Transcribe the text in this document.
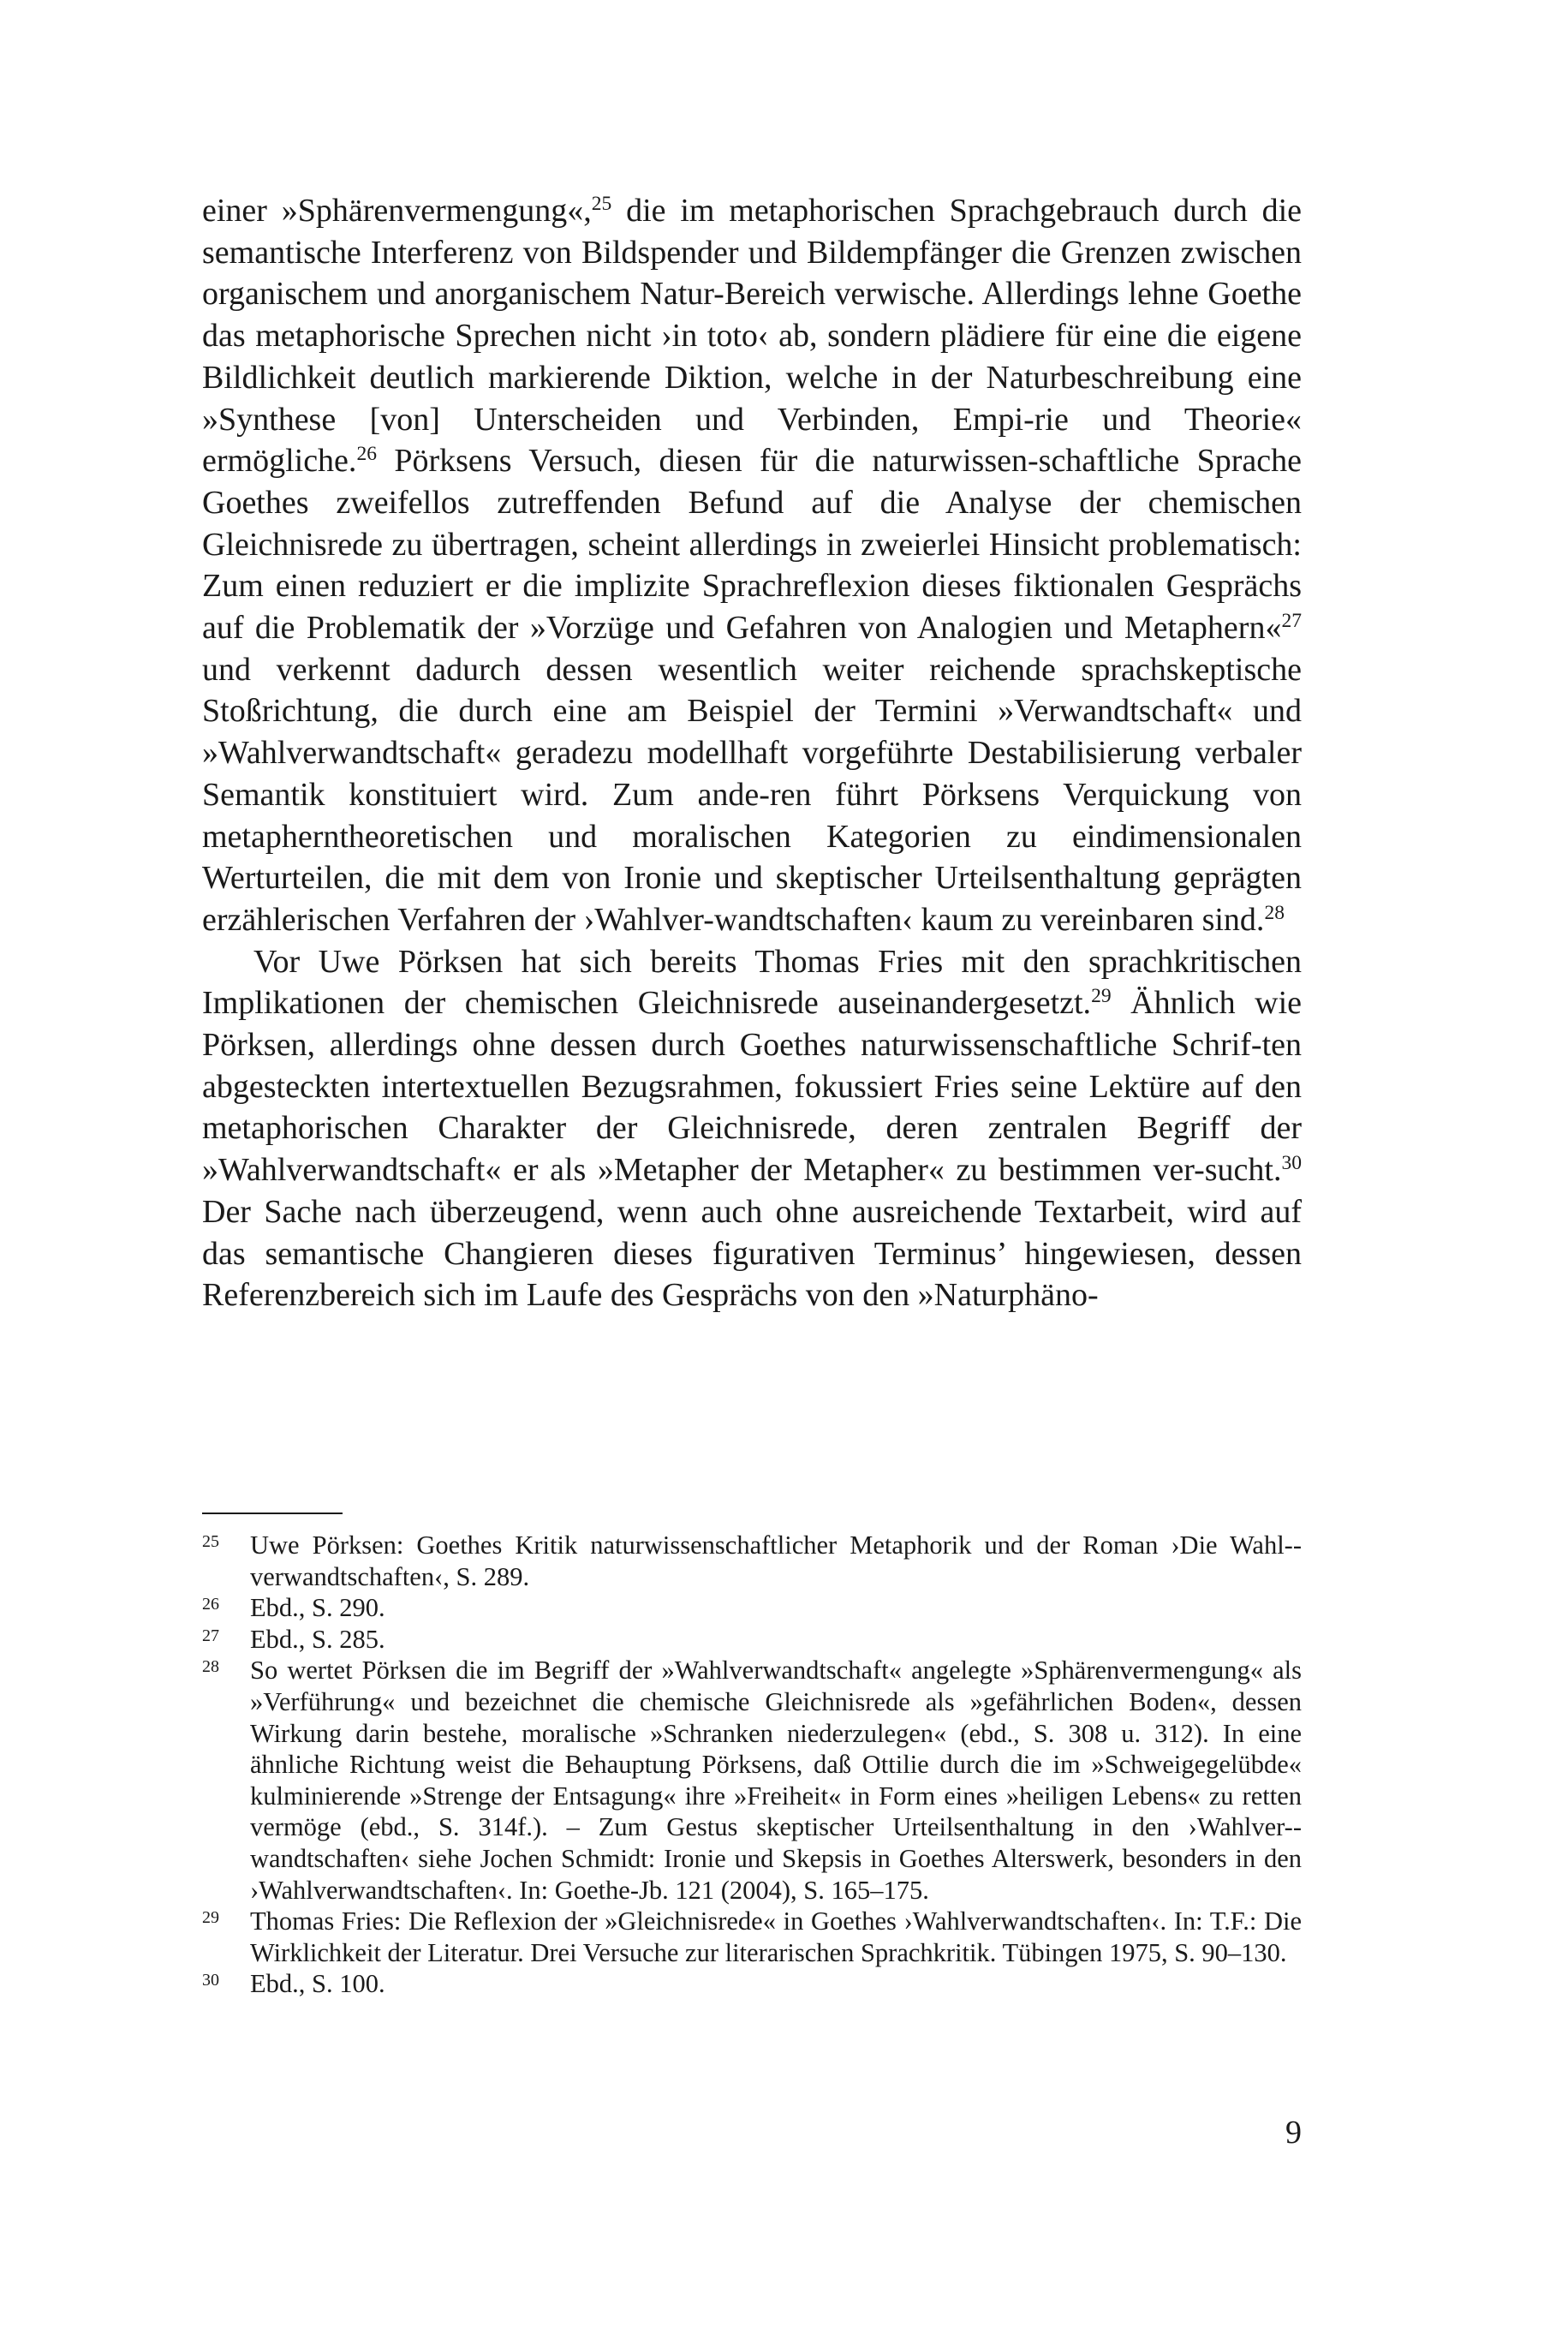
einer »Sphärenvermengung«,$^{25}$ die im metaphorischen Sprachgebrauch durch die semantische Interferenz von Bildspender und Bildempfänger die Grenzen zwischen organischem und anorganischem Natur-Bereich verwische. Allerdings lehne Goethe das metaphorische Sprechen nicht ›in toto‹ ab, sondern plädiere für eine die eigene Bildlichkeit deutlich markierende Diktion, welche in der Naturbeschreibung eine »Synthese [von] Unterscheiden und Verbinden, Empi-rie und Theorie« ermögliche.$^{26}$ Pörksens Versuch, diesen für die naturwissen-schaftliche Sprache Goethes zweifellos zutreffenden Befund auf die Analyse der chemischen Gleichnisrede zu übertragen, scheint allerdings in zweierlei Hinsicht problematisch: Zum einen reduziert er die implizite Sprachreflexion dieses fiktionalen Gesprächs auf die Problematik der »Vorzüge und Gefahren von Analogien und Metaphern«$^{27}$ und verkennt dadurch dessen wesentlich weiter reichende sprachskeptische Stoßrichtung, die durch eine am Beispiel der Termini »Verwandtschaft« und »Wahlverwandtschaft« geradezu modellhaft vorgeführte Destabilisierung verbaler Semantik konstituiert wird. Zum ande-ren führt Pörksens Verquickung von metapherntheoretischen und moralischen Kategorien zu eindimensionalen Werturteilen, die mit dem von Ironie und skeptischer Urteilsenthaltung geprägten erzählerischen Verfahren der ›Wahlver-wandtschaften‹ kaum zu vereinbaren sind.$^{28}$

Vor Uwe Pörksen hat sich bereits Thomas Fries mit den sprachkritischen Implikationen der chemischen Gleichnisrede auseinandergesetzt.$^{29}$ Ähnlich wie Pörksen, allerdings ohne dessen durch Goethes naturwissenschaftliche Schrif-ten abgesteckten intertextuellen Bezugsrahmen, fokussiert Fries seine Lektüre auf den metaphorischen Charakter der Gleichnisrede, deren zentralen Begriff der »Wahlverwandtschaft« er als »Metapher der Metapher« zu bestimmen ver-sucht.$^{30}$ Der Sache nach überzeugend, wenn auch ohne ausreichende Textarbeit, wird auf das semantische Changieren dieses figurativen Terminus’ hingewiesen, dessen Referenzbereich sich im Laufe des Gesprächs von den »Naturphäno-

25 Uwe Pörksen: Goethes Kritik naturwissenschaftlicher Metaphorik und der Roman ›Die Wahl-verwandtschaften‹, S. 289.

26 Ebd., S. 290.

27 Ebd., S. 285.

28 So wertet Pörksen die im Begriff der »Wahlverwandtschaft« angelegte »Sphärenvermengung« als »Verführung« und bezeichnet die chemische Gleichnisrede als »gefährlichen Boden«, dessen Wirkung darin bestehe, moralische »Schranken niederzulegen« (ebd., S. 308 u. 312). In eine ähnliche Richtung weist die Behauptung Pörksens, daß Ottilie durch die im »Schweigegelübde« kulminierende »Strenge der Entsagung« ihre »Freiheit« in Form eines »heiligen Lebens« zu retten vermöge (ebd., S. 314f.). – Zum Gestus skeptischer Urteilsenthaltung in den ›Wahlver-wandtschaften‹ siehe Jochen Schmidt: Ironie und Skepsis in Goethes Alterswerk, besonders in den ›Wahlverwandtschaften‹. In: Goethe-Jb. 121 (2004), S. 165–175.

29 Thomas Fries: Die Reflexion der »Gleichnisrede« in Goethes ›Wahlverwandtschaften‹. In: T.F.: Die Wirklichkeit der Literatur. Drei Versuche zur literarischen Sprachkritik. Tübingen 1975, S. 90–130.

30 Ebd., S. 100.

9
